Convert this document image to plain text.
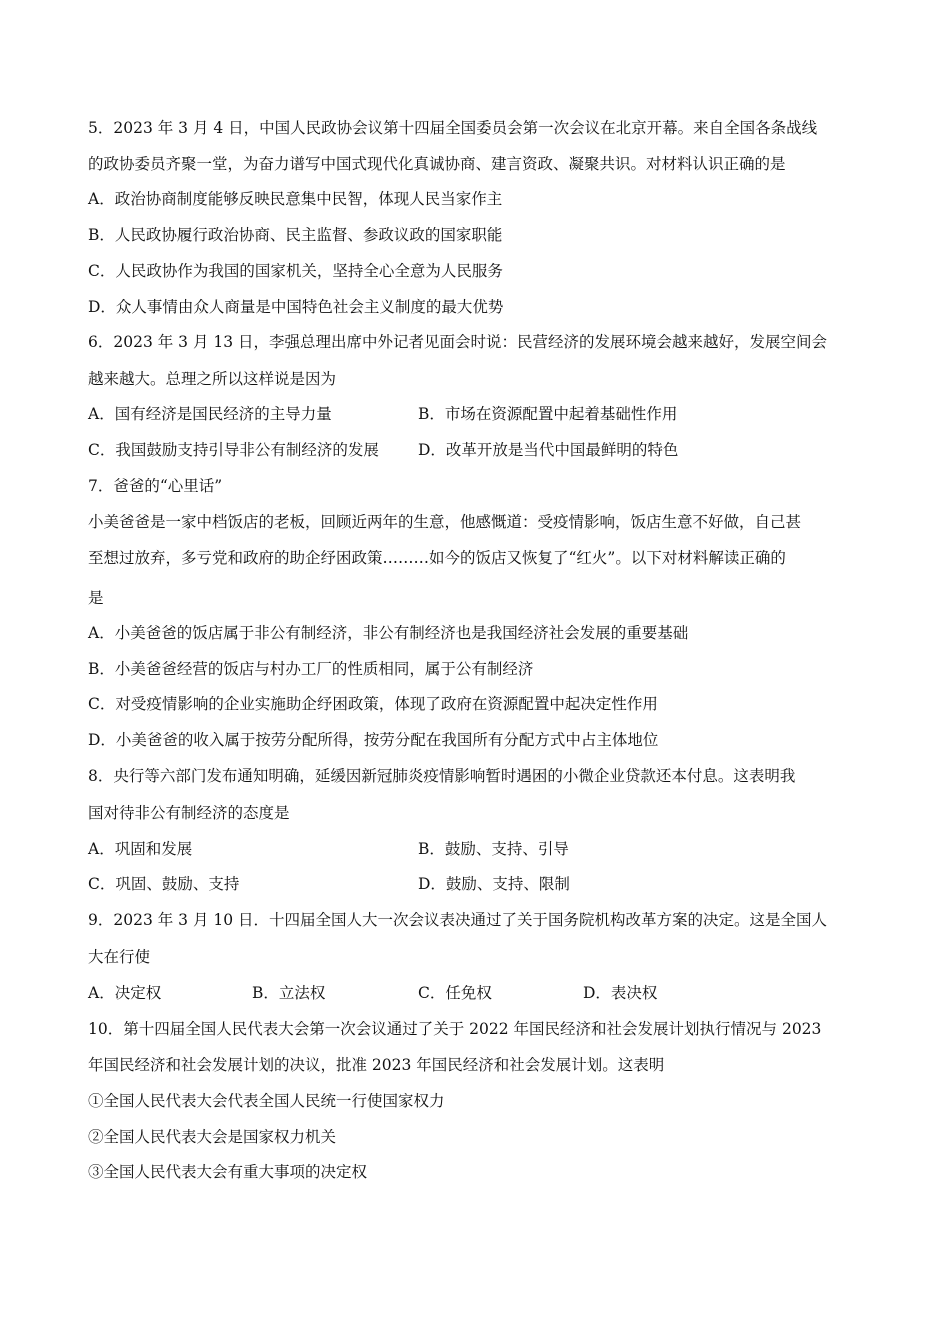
5．2023 年 3 月 4 日，中国人民政协会议第十四届全国委员会第一次会议在北京开幕。来自全国各条战线
的政协委员齐聚一堂，为奋力谱写中国式现代化真诚协商、建言资政、凝聚共识。对材料认识正确的是
A．政治协商制度能够反映民意集中民智，体现人民当家作主
B．人民政协履行政治协商、民主监督、参政议政的国家职能
C．人民政协作为我国的国家机关，坚持全心全意为人民服务
D．众人事情由众人商量是中国特色社会主义制度的最大优势
6．2023 年 3 月 13 日，李强总理出席中外记者见面会时说：民营经济的发展环境会越来越好，发展空间会
越来越大。总理之所以这样说是因为
A．国有经济是国民经济的主导力量	B．市场在资源配置中起着基础性作用
C．我国鼓励支持引导非公有制经济的发展	D．改革开放是当代中国最鲜明的特色
7．爸爸的“心里话”
小美爸爸是一家中档饭店的老板，回顾近两年的生意，他感慨道：受疫情影响，饭店生意不好做，自己甚
至想过放弃，多亏党和政府的助企纾困政策………如今的饭店又恢复了“红火”。以下对材料解读正确的
是
A．小美爸爸的饭店属于非公有制经济，非公有制经济也是我国经济社会发展的重要基础
B．小美爸爸经营的饭店与村办工厂的性质相同，属于公有制经济
C．对受疫情影响的企业实施助企纾困政策，体现了政府在资源配置中起决定性作用
D．小美爸爸的收入属于按劳分配所得，按劳分配在我国所有分配方式中占主体地位
8．央行等六部门发布通知明确，延缓因新冠肺炎疫情影响暂时遇困的小微企业贷款还本付息。这表明我
国对待非公有制经济的态度是
A．巩固和发展	B．鼓励、支持、引导
C．巩固、鼓励、支持	D．鼓励、支持、限制
9．2023 年 3 月 10 日．十四届全国人大一次会议表决通过了关于国务院机构改革方案的决定。这是全国人
大在行使
A．决定权	B．立法权	C．任免权	D．表决权
10．第十四届全国人民代表大会第一次会议通过了关于 2022 年国民经济和社会发展计划执行情况与 2023
年国民经济和社会发展计划的决议，批准 2023 年国民经济和社会发展计划。这表明
①全国人民代表大会代表全国人民统一行使国家权力
②全国人民代表大会是国家权力机关
③全国人民代表大会有重大事项的决定权
